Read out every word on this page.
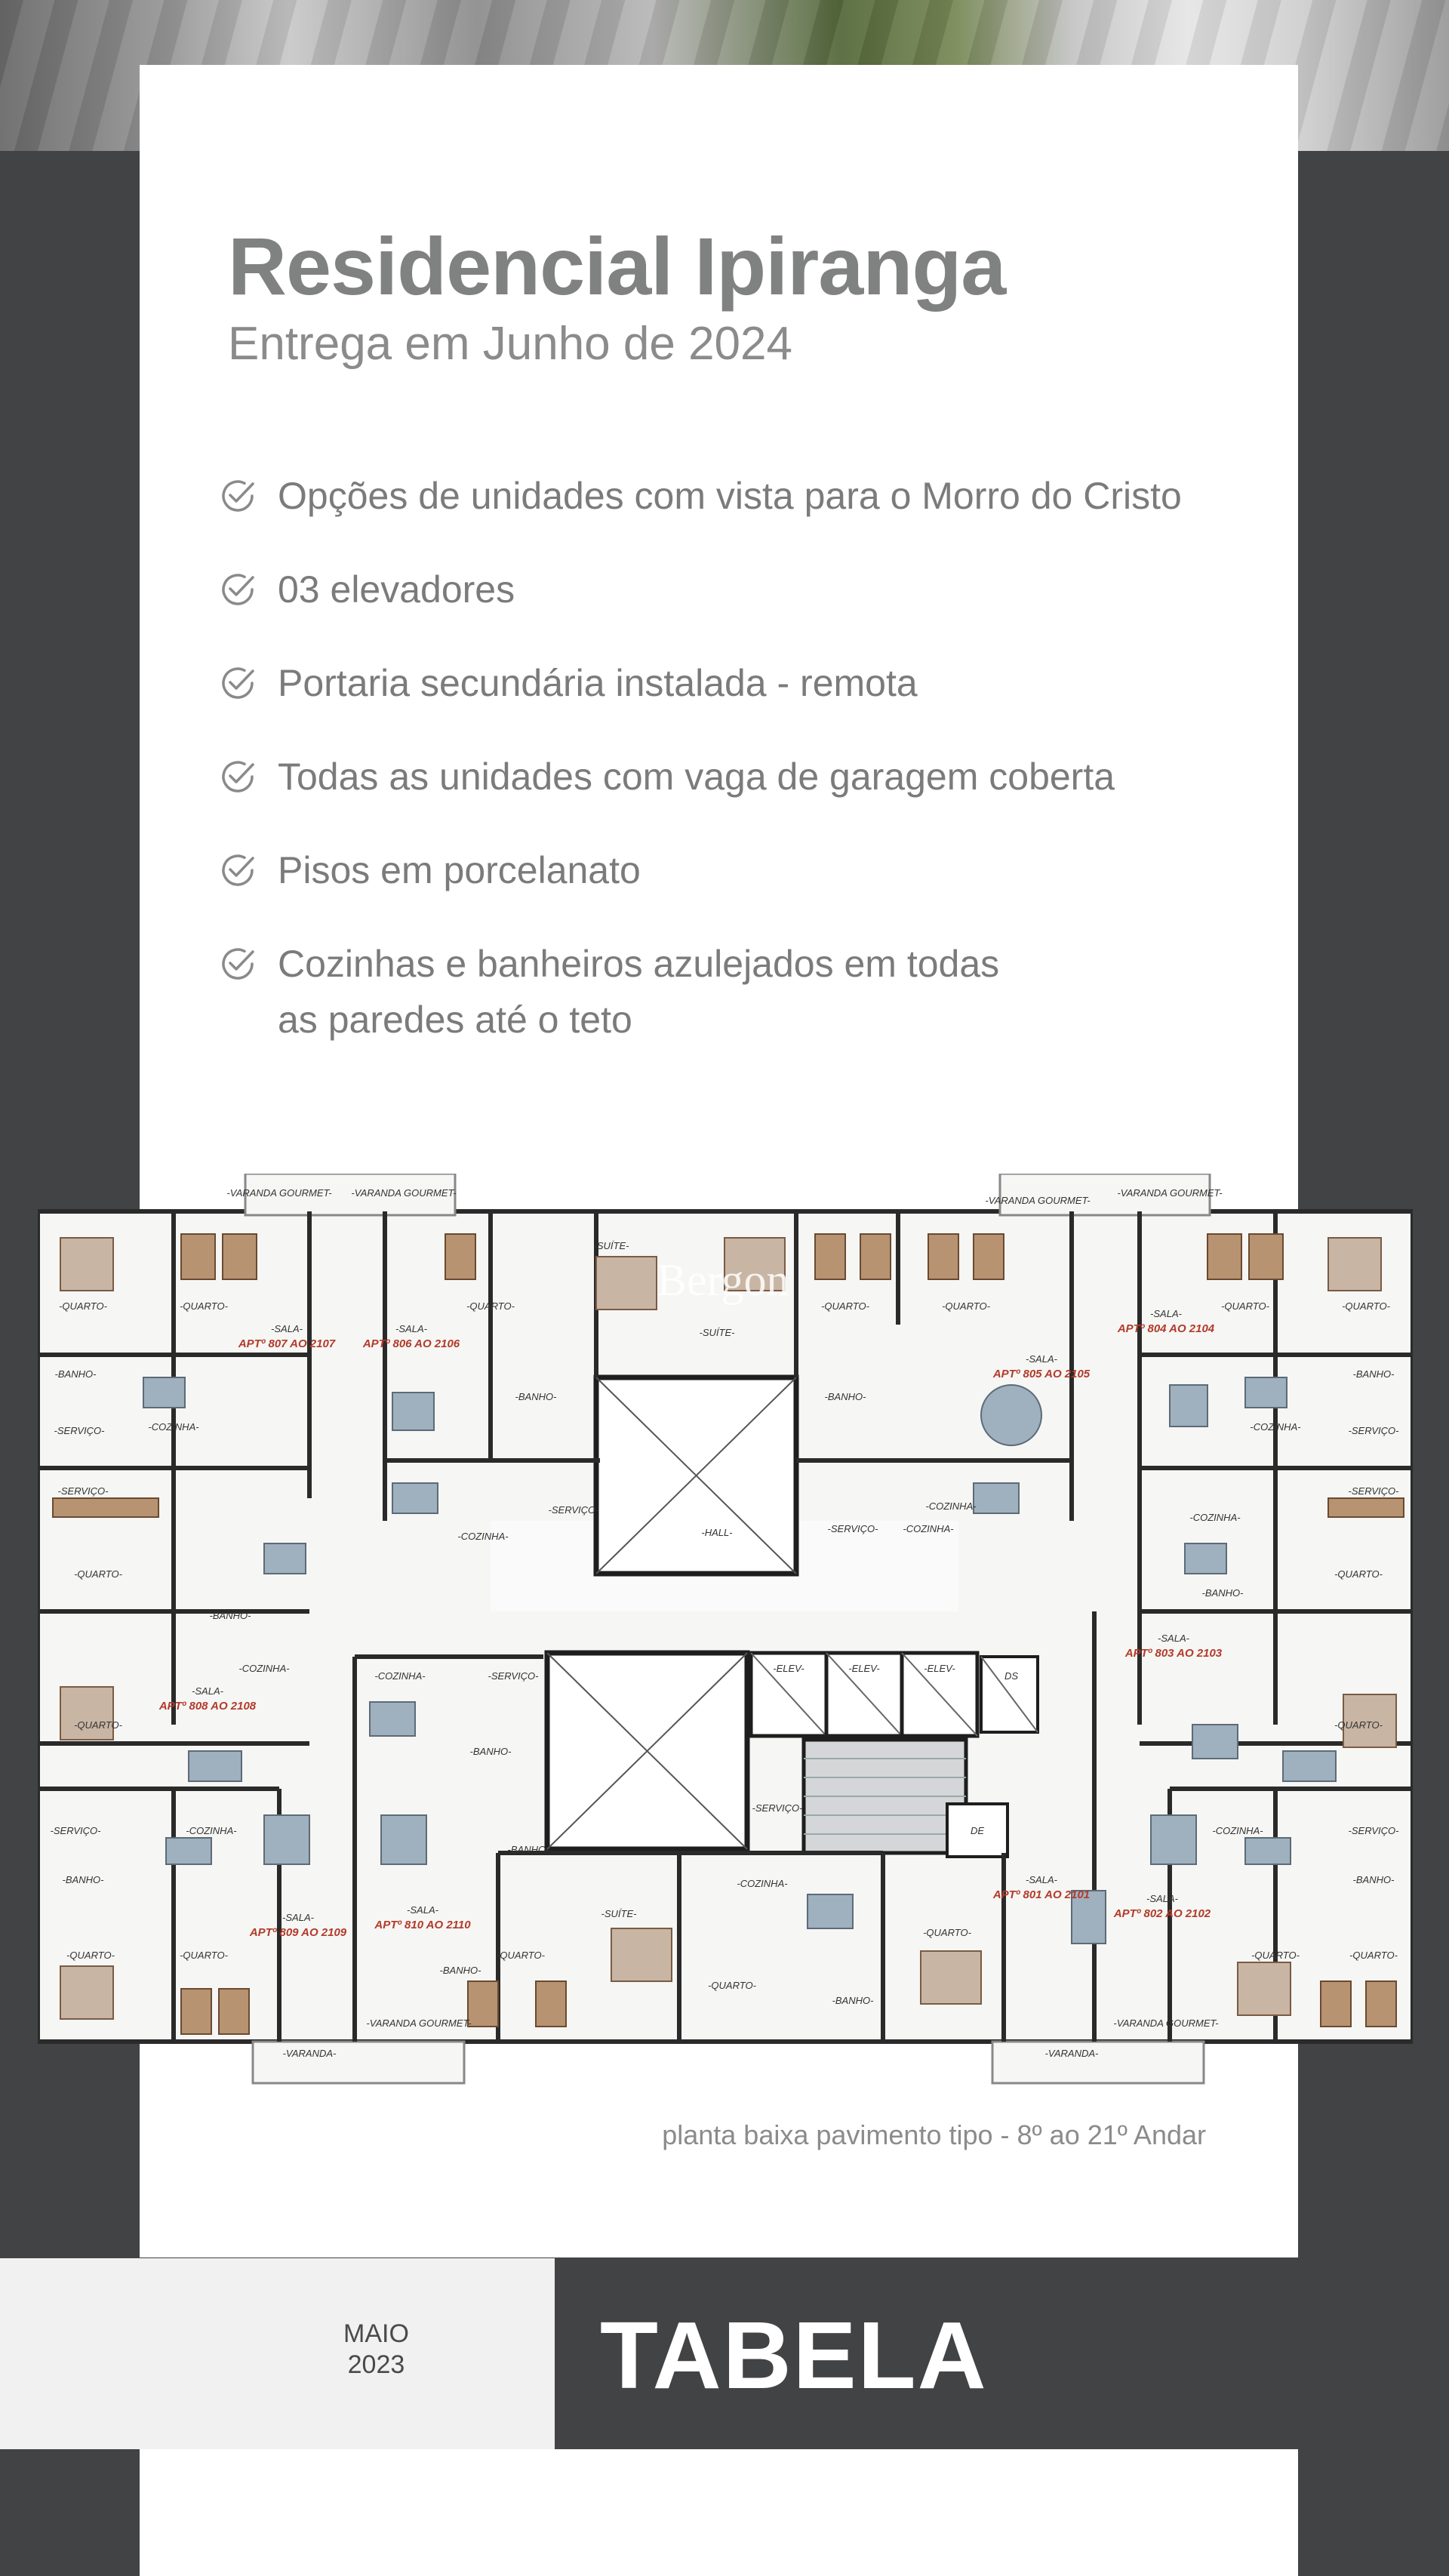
Residencial Ipiranga
Entrega em Junho de 2024
Opções de unidades com vista para o Morro do Cristo
03 elevadores
Portaria secundária instalada - remota
Todas as unidades com vaga de garagem coberta
Pisos em porcelanato
Cozinhas e banheiros azulejados em todas as paredes até o teto
-HALL-
-ELEV-	-ELEV-	-ELEV-
DS
DE
-QUARTO-	-QUARTO-	-QUARTO-	-QUARTO-	-QUARTO-	-QUARTO-	-QUARTO-
-SUÍTE-
-SUÍTE-
-BANHO-
-BANHO-	-BANHO-
-BANHO-
-COZINHA-
-COZINHA-
-COZINHA-
-COZINHA-
-SERVIÇO-
-SERVIÇO-
-SERVIÇO-
-SERVIÇO-
-SERVIÇO-	-SERVIÇO-
-QUARTO-	-QUARTO-
-QUARTO-	-QUARTO-
-BANHO-
-BANHO-
-COZINHA-
-BANHO-
-COZINHA-
-COZINHA-
-COZINHA-	-SERVIÇO-
-BANHO-
-SERVIÇO-
-COZINHA-
-SERVIÇO-	-COZINHA-	-COZINHA-	-SERVIÇO-
-BANHO-	-BANHO-
-BANHO-
-QUARTO-	-QUARTO-	-QUARTO-
-SUÍTE-
-QUARTO-
-QUARTO-
-QUARTO-	-QUARTO-
-BANHO-
-VARANDA-	-VARANDA-
-VARANDA GOURMET-	-VARANDA GOURMET-
-VARANDA GOURMET- -VARANDA GOURMET-
-VARANDA GOURMET-
-VARANDA GOURMET-
-SALA-	-SALA-
-SALA-
-SALA-
-SALA-
-SALA-
-SALA-
-SALA-
-SALA-
-SALA-
APTº 807 AO 2107 APTº 806 AO 2106
APTº 805 AO 2105
APTº 804 AO 2104
APTº 808 AO 2108
APTº 803 AO 2103
APTº 809 AO 2109
APTº 810 AO 2110
APTº 801 AO 2101
APTº 802 AO 2102
Bergon
planta baixa pavimento tipo - 8º ao 21º Andar
MAIO
2023 TABELA
